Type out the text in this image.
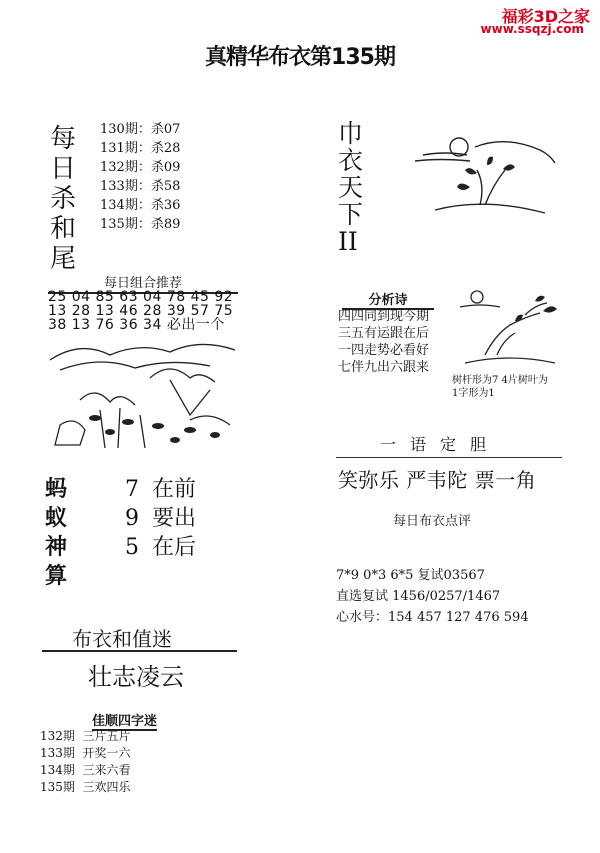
福彩3D之家
www.ssqzj.com
真精华布衣第135期
每
日
杀
和
尾
130期：杀07
131期：杀28
132期：杀09
133期：杀58
134期：杀36
135期：杀89
每日组合推荐
25 04 85 63 04 78 45 92
13 28 13 46 28 39 57 75
38 13 76 36 34 必出一个
蚂
蚁
神
算
7 在前
9 要出
5 在后
布衣和值迷
壮志凌云
佳顺四字迷
132期 三片五片
133期 开奖一六
134期 三来六看
135期 三欢四乐
巾
衣
天
下
II
分析诗
四四同到现今期
三五有运跟在后
一四走势必看好
七伴九出六跟来
树杆形为7 4片树叶为
1字形为1
一语定胆
笑弥乐 严韦陀 票一角
每日布衣点评
7*9 0*3 6*5 复试03567
直选复试 1456/0257/1467
心水号：154 457 127 476 594
